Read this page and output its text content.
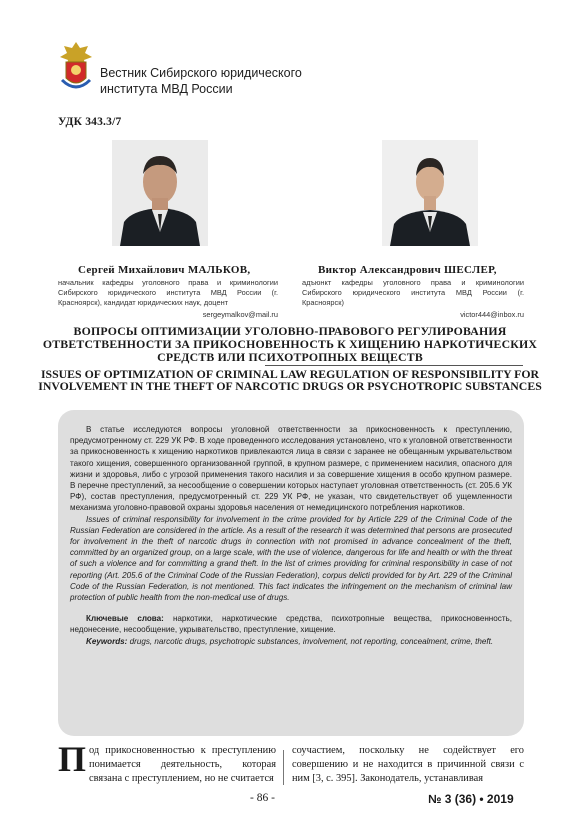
Вестник Сибирского юридического
института МВД России
УДК 343.3/7
Сергей Михайлович МАЛЬКОВ,
начальник кафедры уголовного права и криминологии Сибирского юридического института МВД России (г. Красноярск), кандидат юридических наук, доцент
sergeymalkov@mail.ru
Виктор Александрович ШЕСЛЕР,
адъюнкт кафедры уголовного права и криминологии Сибирского юридического института МВД России (г. Красноярск)
victor444@inbox.ru
ВОПРОСЫ ОПТИМИЗАЦИИ УГОЛОВНО-ПРАВОВОГО РЕГУЛИРОВАНИЯ ОТВЕТСТВЕННОСТИ ЗА ПРИКОСНОВЕННОСТЬ К ХИЩЕНИЮ НАРКОТИЧЕСКИХ СРЕДСТВ ИЛИ ПСИХОТРОПНЫХ ВЕЩЕСТВ
ISSUES OF OPTIMIZATION OF CRIMINAL LAW REGULATION OF RESPONSIBILITY FOR INVOLVEMENT IN THE THEFT OF NARCOTIC DRUGS OR PSYCHOTROPIC SUBSTANCES

В статье исследуются вопросы уголовной ответственности за прикосновенность к преступлению, предусмотренному ст. 229 УК РФ. В ходе проведенного исследования установлено, что к уголовной ответственности за прикосновенность к хищению наркотиков привлекаются лица в связи с заранее не обещанным укрывательством такого хищения, совершенного организованной группой, в крупном размере, с применением насилия, опасного для жизни и здоровья, либо с угрозой применения такого насилия и за совершение хищения в особо крупном размере. В перечне преступлений, за несообщение о совершении которых наступает уголовная ответственность (ст. 205.6 УК РФ), состав преступления, предусмотренный ст. 229 УК РФ, не указан, что свидетельствует об ущемленности механизма уголовно-правовой охраны здоровья населения от немедицинского потребления наркотиков.

Issues of criminal responsibility for involvement in the crime provided for by Article 229 of the Criminal Code of the Russian Federation are considered in the article. As a result of the research it was determined that persons are prosecuted for involvement in the theft of narcotic drugs in connection with not promised in advance concealment of the theft, committed by an organized group, on a large scale, with the use of violence, dangerous for life and health or with the threat of such a violence and for committing a grand theft. In the list of crimes providing for criminal responsibility in case of not reporting (Art. 205.6 of the Criminal Code of the Russian Federation), corpus delicti provided for by Art. 229 of the Criminal Code of the Russian Federation, is not mentioned. This fact indicates the infringement on the mechanism of criminal law protection of public health from the non-medical use of drugs.

Ключевые слова: наркотики, наркотические средства, психотропные вещества, прикосновенность, недонесение, несообщение, укрывательство, преступление, хищение.

Keywords: drugs, narcotic drugs, psychotropic substances, involvement, not reporting, concealment, crime, theft.

Под прикосновенностью к преступлению понимается деятельность, которая связана с преступлением, но не считается
соучастием, поскольку не содействует его совершению и не находится в причинной связи с ним [3, с. 395]. Законодатель, устанавливая
- 86 -	№ 3 (36) • 2019
